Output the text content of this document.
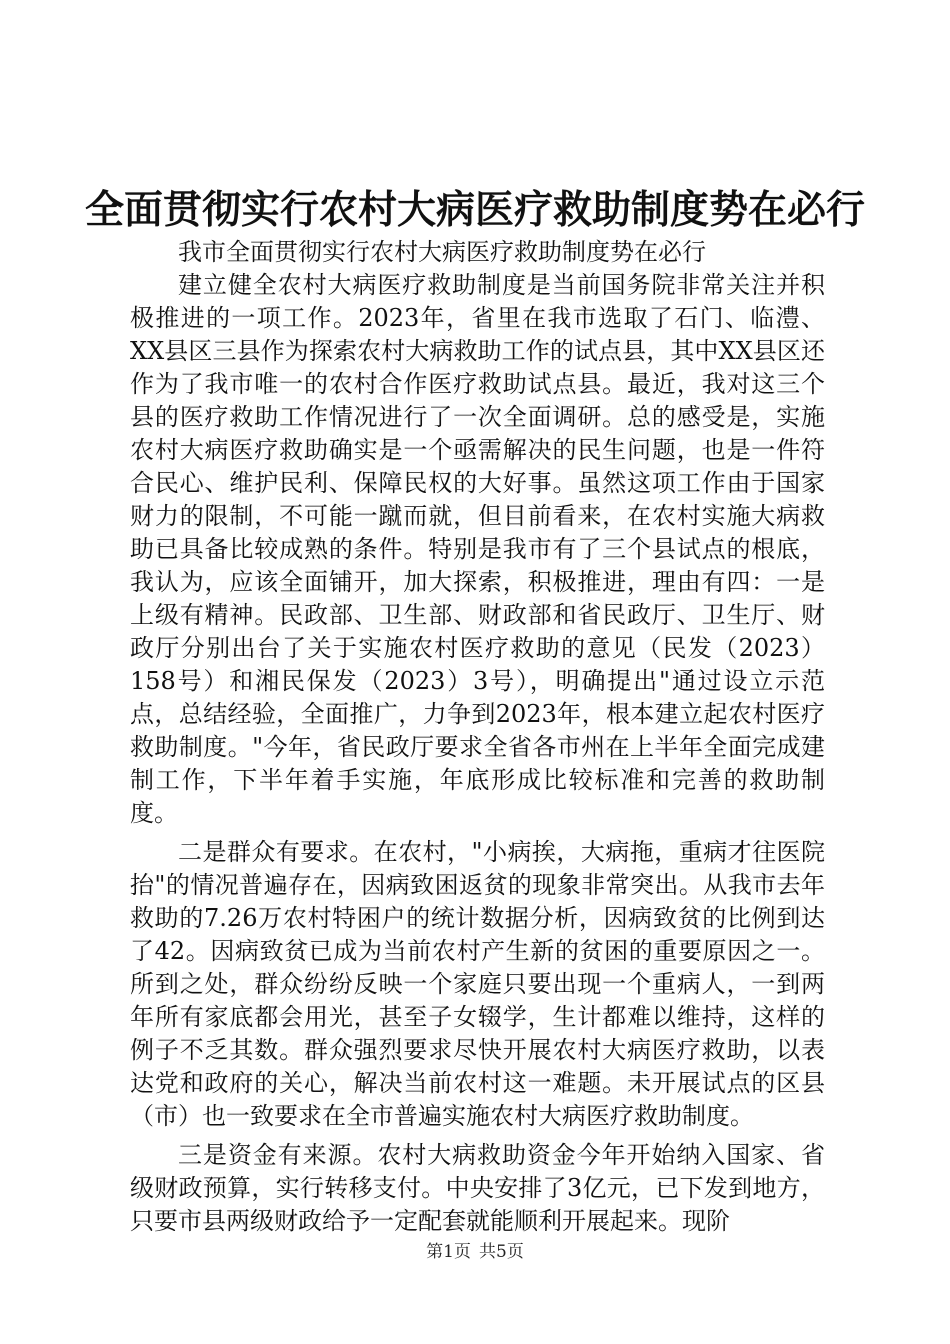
全面贯彻实行农村大病医疗救助制度势在必行

我市全面贯彻实行农村大病医疗救助制度势在必行

建立健全农村大病医疗救助制度是当前国务院非常关注并积极推进的一项工作。2023年，省里在我市选取了石门、临澧、XX县区三县作为探索农村大病救助工作的试点县，其中XX县区还作为了我市唯一的农村合作医疗救助试点县。最近，我对这三个县的医疗救助工作情况进行了一次全面调研。总的感受是，实施农村大病医疗救助确实是一个亟需解决的民生问题，也是一件符合民心、维护民利、保障民权的大好事。虽然这项工作由于国家财力的限制，不可能一蹴而就，但目前看来，在农村实施大病救助已具备比较成熟的条件。特别是我市有了三个县试点的根底，我认为，应该全面铺开，加大探索，积极推进，理由有四：一是上级有精神。民政部、卫生部、财政部和省民政厅、卫生厅、财政厅分别出台了关于实施农村医疗救助的意见（民发（2023）158号）和湘民保发（2023）3号），明确提出"通过设立示范点，总结经验，全面推广，力争到2023年，根本建立起农村医疗救助制度。"今年，省民政厅要求全省各市州在上半年全面完成建制工作，下半年着手实施，年底形成比较标准和完善的救助制度。

二是群众有要求。在农村，"小病挨，大病拖，重病才往医院抬"的情况普遍存在，因病致困返贫的现象非常突出。从我市去年救助的7.26万农村特困户的统计数据分析，因病致贫的比例到达了42。因病致贫已成为当前农村产生新的贫困的重要原因之一。所到之处，群众纷纷反映一个家庭只要出现一个重病人，一到两年所有家底都会用光，甚至子女辍学，生计都难以维持，这样的例子不乏其数。群众强烈要求尽快开展农村大病医疗救助，以表达党和政府的关心，解决当前农村这一难题。未开展试点的区县（市）也一致要求在全市普遍实施农村大病医疗救助制度。

三是资金有来源。农村大病救助资金今年开始纳入国家、省级财政预算，实行转移支付。中央安排了3亿元，已下发到地方，只要市县两级财政给予一定配套就能顺利开展起来。现阶

第1页 共5页
